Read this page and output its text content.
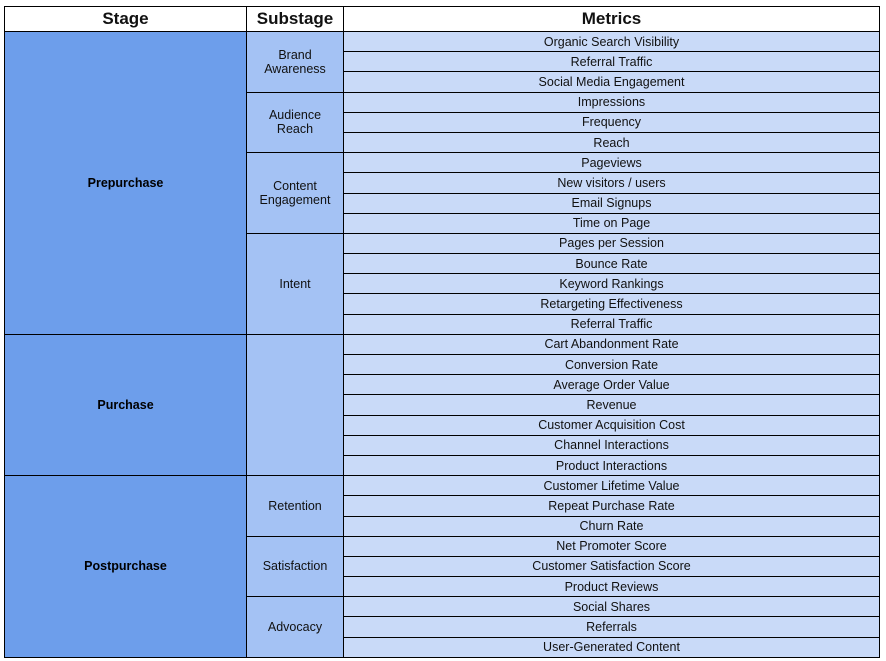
Stage	Substage	Metrics
Prepurchase	Brand Awareness	Organic Search Visibility
		Referral Traffic
		Social Media Engagement
	Audience Reach	Impressions
		Frequency
		Reach
	Content Engagement	Pageviews
		New visitors / users
		Email Signups
		Time on Page
	Intent	Pages per Session
		Bounce Rate
		Keyword Rankings
		Retargeting Effectiveness
		Referral Traffic
Purchase		Cart Abandonment Rate
		Conversion Rate
		Average Order Value
		Revenue
		Customer Acquisition Cost
		Channel Interactions
		Product Interactions
Postpurchase	Retention	Customer Lifetime Value
		Repeat Purchase Rate
		Churn Rate
	Satisfaction	Net Promoter Score
		Customer Satisfaction Score
		Product Reviews
	Advocacy	Social Shares
		Referrals
		User-Generated Content
